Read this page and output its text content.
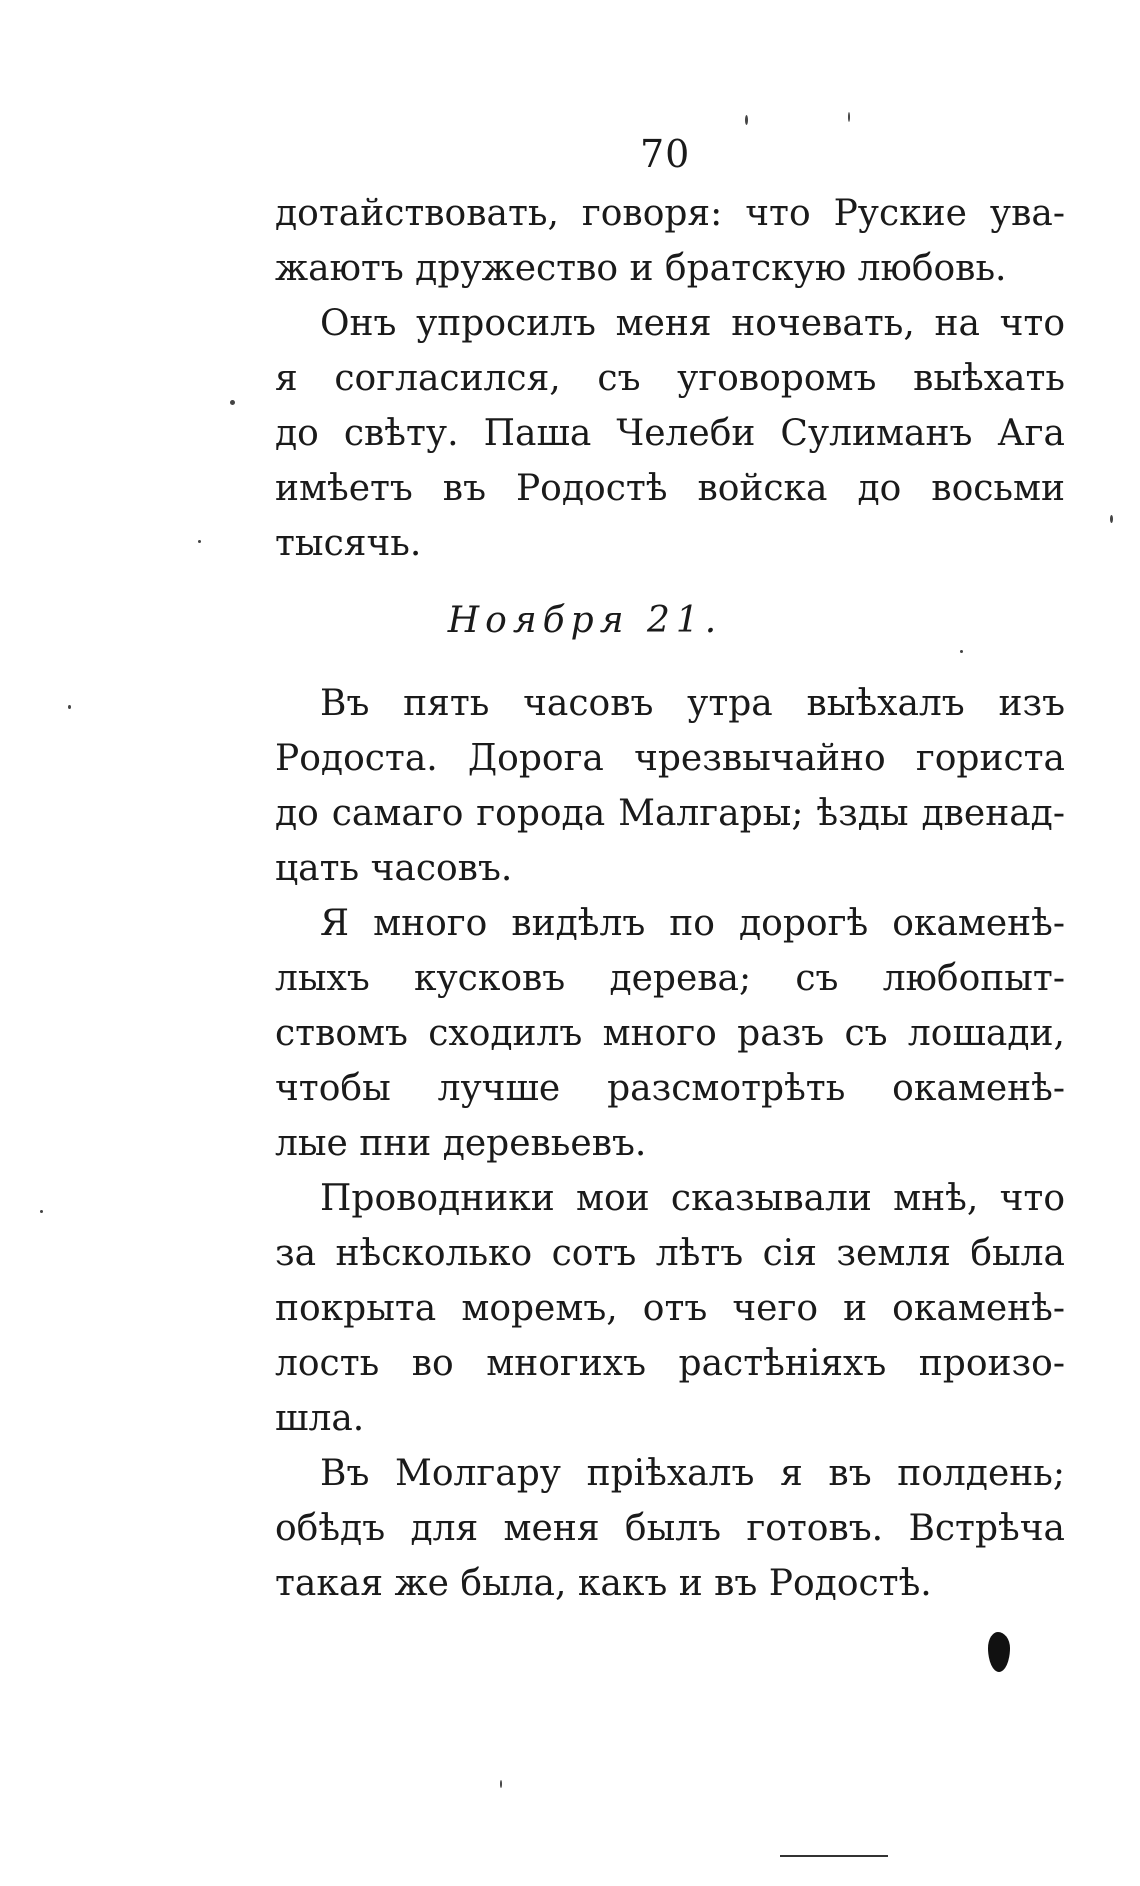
70
дотайствовать, говоря: что Руские ува-
жаютъ дружество и братскую любовь.
Онъ упросилъ меня ночевать, на что
я согласился, съ уговоромъ выѣхать
до свѣту. Паша Челеби Сулиманъ Ага
имѣетъ въ Родостѣ войска до восьми
тысячь.
Ноября 21.
Въ пять часовъ утра выѣхалъ изъ
Родоста. Дорога чрезвычайно гориста
до самаго города Малгары; ѣзды двенад-
цать часовъ.
Я много видѣлъ по дорогѣ окаменѣ-
лыхъ кусковъ дерева; съ любопыт-
ствомъ сходилъ много разъ съ лошади,
чтобы лучше разсмотрѣть окаменѣ-
лые пни деревьевъ.
Проводники мои сказывали мнѣ, что
за нѣсколько сотъ лѣтъ сія земля была
покрыта моремъ, отъ чего и окаменѣ-
лость во многихъ растѣніяхъ произо-
шла.
Въ Молгару пріѣхалъ я въ полдень;
обѣдъ для меня былъ готовъ. Встрѣча
такая же была, какъ и въ Родостѣ.
